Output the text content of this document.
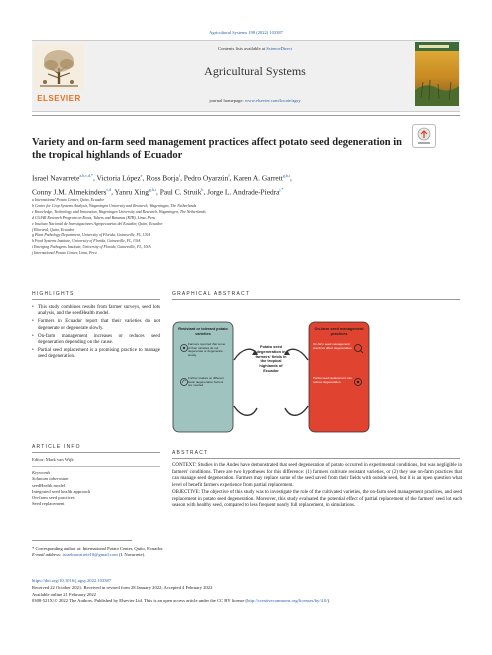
Agricultural Systems 198 (2022) 103387
ELSEVIER
Contents lists available at ScienceDirect
Agricultural Systems
journal homepage: www.elsevier.com/locate/agsy
Variety and on-farm seed management practices affect potato seed degeneration in the tropical highlands of Ecuador
Israel Navarrete$^{a,b,c,d,*}$, Victoria López$^e$, Ross Borja$^f$, Pedro Oyarzún$^f$, Karen A. Garrett$^{g,h,i}$,
Conny J.M. Almekinders$^{c,d}$, Yanru Xing$^{g,h,i}$, Paul C. Struik$^b$, Jorge L. Andrade-Piedra$^{j,*}$
a International Potato Center, Quito, Ecuador
b Centre for Crop Systems Analysis, Wageningen University and Research, Wageningen, The Netherlands
c Knowledge, Technology and Innovation, Wageningen University and Research, Wageningen, The Netherlands
d CGIAR Research Program on Roots, Tubers and Bananas (RTB), Lima, Peru
e Instituto Nacional de Investigaciones Agropecuarias del Ecuador, Quito, Ecuador
f Ekorural, Quito, Ecuador
g Plant Pathology Department, University of Florida, Gainesville, FL, USA
h Food Systems Institute, University of Florida, Gainesville, FL, USA
i Emerging Pathogens Institute, University of Florida, Gainesville, FL, USA
j International Potato Center, Lima, Peru
HIGHLIGHTS
• This study combines results from farmer surveys, seed lots analysis, and the seedHealth model.
• Farmers in Ecuador report that their varieties do not degenerate or degenerate slowly.
• On-farm management increases or reduces seed degeneration depending on the cause.
• Partial seed replacement is a promising practice to manage seed degeneration.
GRAPHICAL ABSTRACT
Resistant or tolerant potato varieties
Farmers reported that some of their varieties do not degenerate or degenerate slowly.
Further studies on different biotic degeneration factors are needed.
Potato seed degeneration in farmers' fields in the tropical highlands of Ecuador
On-farm seed management practices
On-farm seed management practices affect degeneration.
Partial seed replacement can reduce degeneration.
ARTICLE INFO
Editor: Mark van Wijk
Keywords
Solanum tuberosum
seedHealth model
Integrated seed health approach
On-farm seed practices
Seed replacement
ABSTRACT
CONTEXT: Studies in the Andes have demonstrated that seed degeneration of potato occurred in experimental conditions, but was negligible in farmers' conditions. There are two hypotheses for this difference: (1) farmers cultivate resistant varieties, or (2) they use on-farm practices that can manage seed degeneration. Farmers may replace some of the seed saved from their fields with outside seed, but it is an open question what level of benefit farmers experience from partial replacement.
OBJECTIVE: The objective of this study was to investigate the role of the cultivated varieties, the on-farm seed management practices, and seed replacement in potato seed degeneration. Moreover, this study evaluated the potential effect of partial replacement of the farmers' seed lot each season with healthy seed, compared to less frequent nearly full replacement, in simulations.
* Corresponding author at: International Potato Center, Quito, Ecuador.
E-mail address: israelnavarrete10@gmail.com (I. Navarrete).
https://doi.org/10.1016/j.agsy.2022.103387
Received 22 October 2021; Received in revised form 28 January 2022; Accepted 4 February 2022
Available online 21 February 2022
0308-521X/© 2022 The Authors. Published by Elsevier Ltd. This is an open access article under the CC BY license (http://creativecommons.org/licenses/by/4.0/).
